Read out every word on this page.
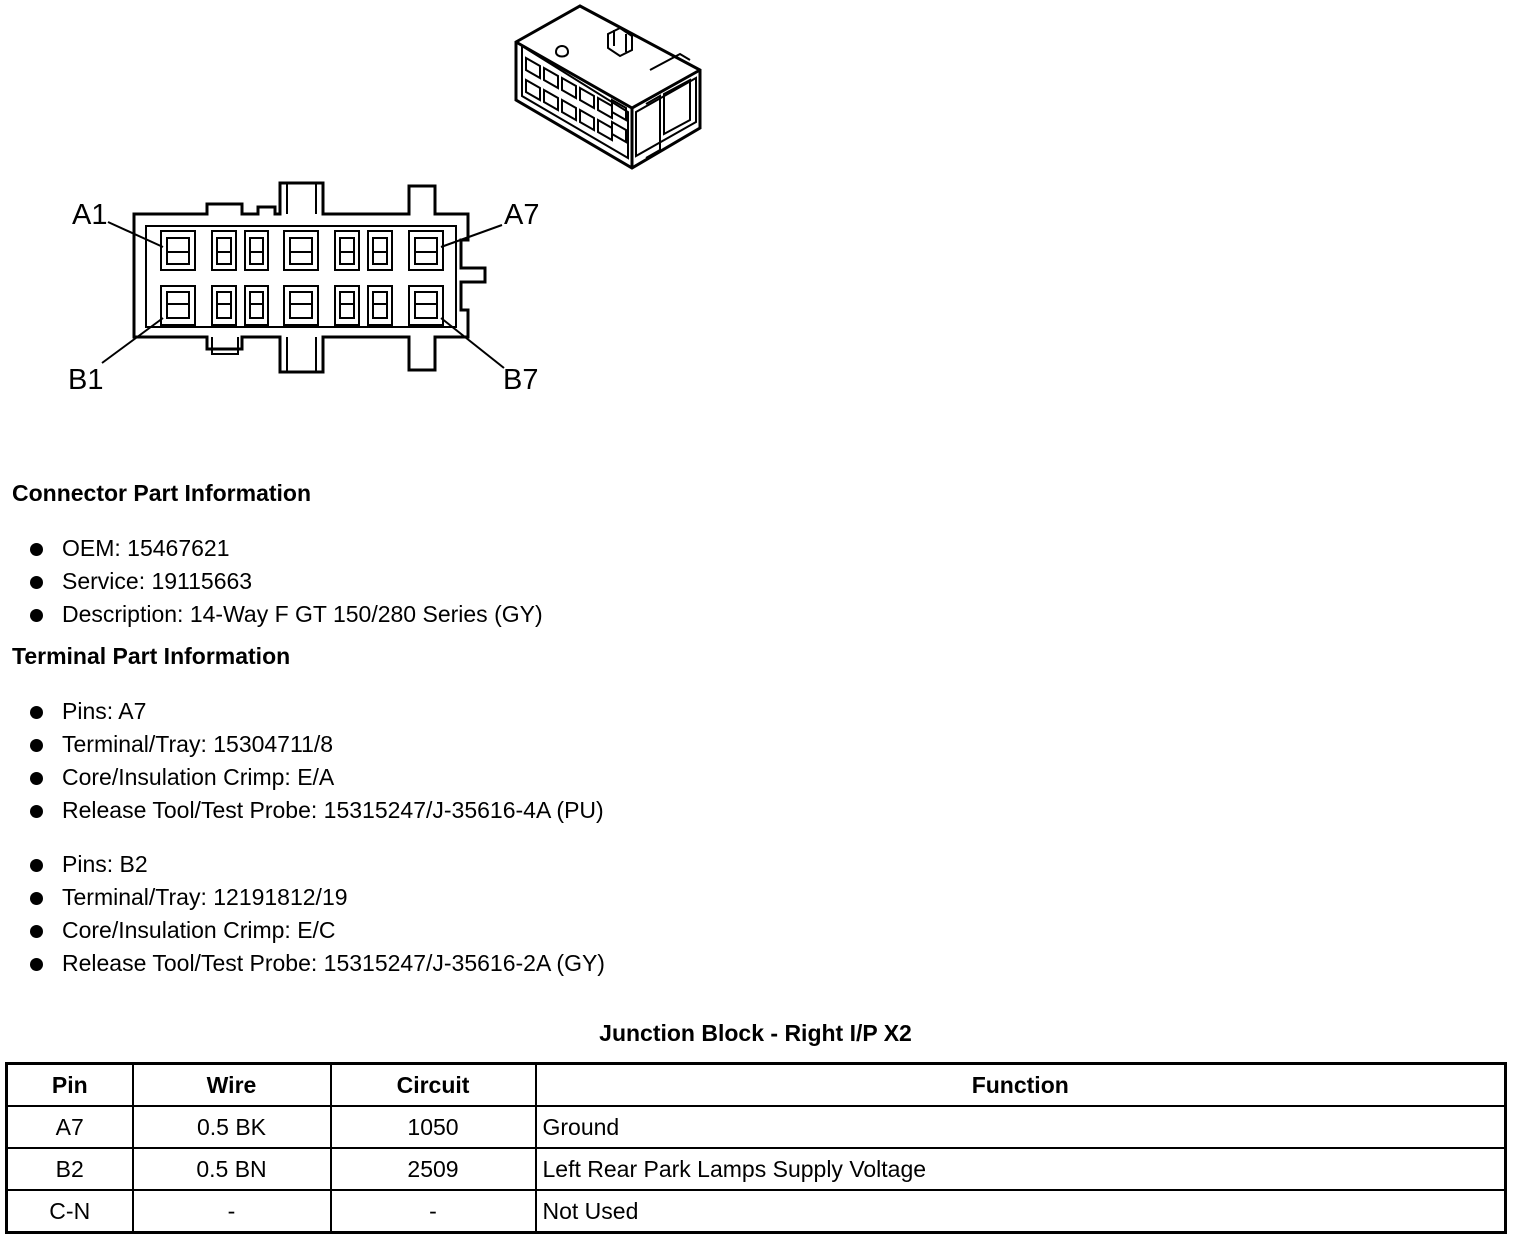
A1	A7
B1	B7
Connector Part Information
OEM: 15467621
Service: 19115663
Description: 14-Way F GT 150/280 Series (GY)
Terminal Part Information
Pins: A7
Terminal/Tray: 15304711/8
Core/Insulation Crimp: E/A
Release Tool/Test Probe: 15315247/J-35616-4A (PU)
Pins: B2
Terminal/Tray: 12191812/19
Core/Insulation Crimp: E/C
Release Tool/Test Probe: 15315247/J-35616-2A (GY)
Junction Block - Right I/P X2
Pin	Wire	Circuit	Function
A7	0.5 BK	1050	Ground
B2	0.5 BN	2509	Left Rear Park Lamps Supply Voltage
C-N	-	-	Not Used
